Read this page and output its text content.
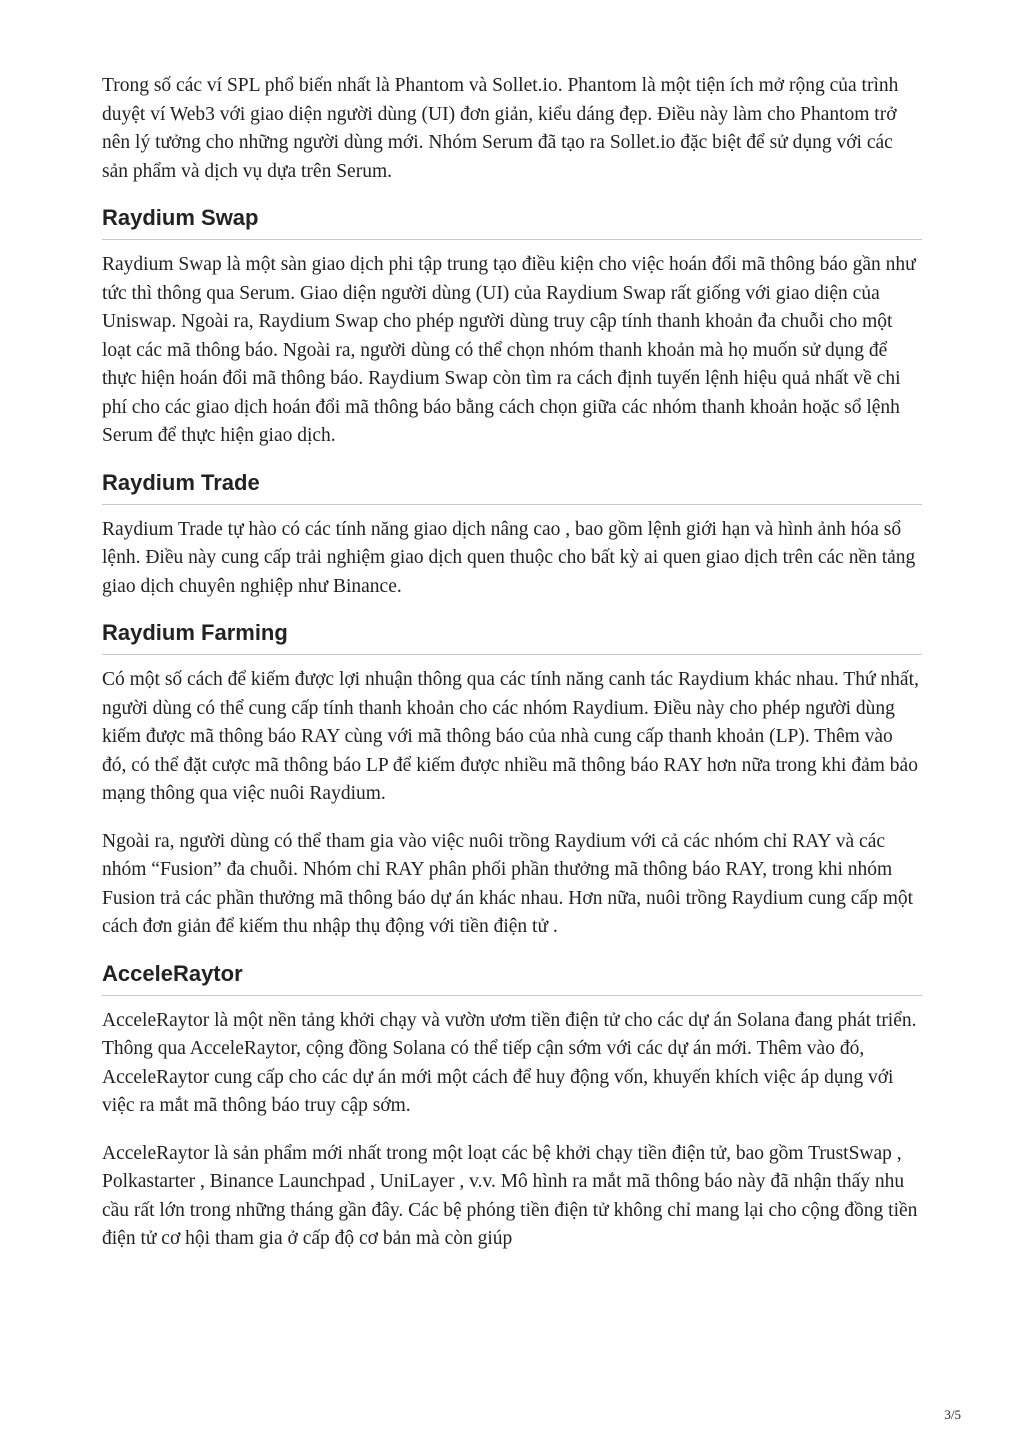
Trong số các ví SPL phổ biến nhất là Phantom và Sollet.io. Phantom là một tiện ích mở rộng của trình duyệt ví Web3 với giao diện người dùng (UI) đơn giản, kiểu dáng đẹp. Điều này làm cho Phantom trở nên lý tưởng cho những người dùng mới. Nhóm Serum đã tạo ra Sollet.io đặc biệt để sử dụng với các sản phẩm và dịch vụ dựa trên Serum.

Raydium Swap

Raydium Swap là một sàn giao dịch phi tập trung tạo điều kiện cho việc hoán đổi mã thông báo gần như tức thì thông qua Serum. Giao diện người dùng (UI) của Raydium Swap rất giống với giao diện của Uniswap. Ngoài ra, Raydium Swap cho phép người dùng truy cập tính thanh khoản đa chuỗi cho một loạt các mã thông báo. Ngoài ra, người dùng có thể chọn nhóm thanh khoản mà họ muốn sử dụng để thực hiện hoán đổi mã thông báo. Raydium Swap còn tìm ra cách định tuyến lệnh hiệu quả nhất về chi phí cho các giao dịch hoán đổi mã thông báo bằng cách chọn giữa các nhóm thanh khoản hoặc sổ lệnh Serum để thực hiện giao dịch.

Raydium Trade

Raydium Trade tự hào có các tính năng giao dịch nâng cao , bao gồm lệnh giới hạn và hình ảnh hóa sổ lệnh. Điều này cung cấp trải nghiệm giao dịch quen thuộc cho bất kỳ ai quen giao dịch trên các nền tảng giao dịch chuyên nghiệp như Binance.

Raydium Farming

Có một số cách để kiếm được lợi nhuận thông qua các tính năng canh tác Raydium khác nhau. Thứ nhất, người dùng có thể cung cấp tính thanh khoản cho các nhóm Raydium. Điều này cho phép người dùng kiếm được mã thông báo RAY cùng với mã thông báo của nhà cung cấp thanh khoản (LP). Thêm vào đó, có thể đặt cược mã thông báo LP để kiếm được nhiều mã thông báo RAY hơn nữa trong khi đảm bảo mạng thông qua việc nuôi Raydium.

Ngoài ra, người dùng có thể tham gia vào việc nuôi trồng Raydium với cả các nhóm chỉ RAY và các nhóm “Fusion” đa chuỗi. Nhóm chỉ RAY phân phối phần thưởng mã thông báo RAY, trong khi nhóm Fusion trả các phần thưởng mã thông báo dự án khác nhau. Hơn nữa, nuôi trồng Raydium cung cấp một cách đơn giản để kiếm thu nhập thụ động với tiền điện tử .

AcceleRaytor

AcceleRaytor là một nền tảng khởi chạy và vườn ươm tiền điện tử cho các dự án Solana đang phát triển. Thông qua AcceleRaytor, cộng đồng Solana có thể tiếp cận sớm với các dự án mới. Thêm vào đó, AcceleRaytor cung cấp cho các dự án mới một cách để huy động vốn, khuyến khích việc áp dụng với việc ra mắt mã thông báo truy cập sớm.

AcceleRaytor là sản phẩm mới nhất trong một loạt các bệ khởi chạy tiền điện tử, bao gồm TrustSwap , Polkastarter , Binance Launchpad , UniLayer , v.v. Mô hình ra mắt mã thông báo này đã nhận thấy nhu cầu rất lớn trong những tháng gần đây. Các bệ phóng tiền điện tử không chỉ mang lại cho cộng đồng tiền điện tử cơ hội tham gia ở cấp độ cơ bản mà còn giúp

3/5
